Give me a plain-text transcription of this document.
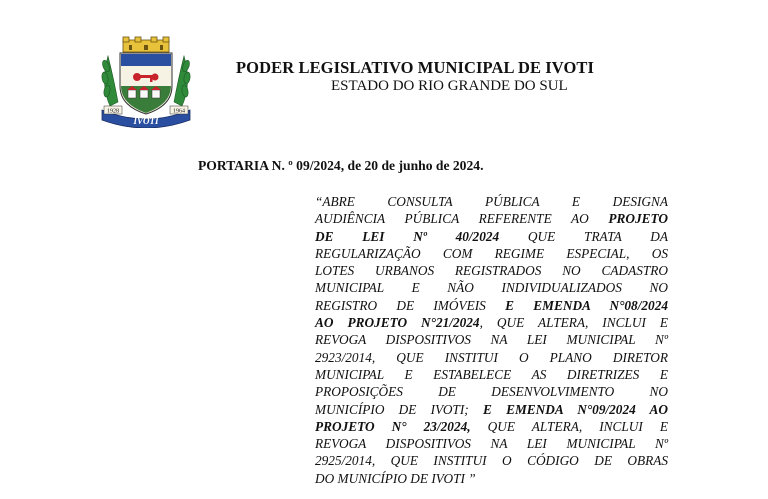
1928	1964
IVOTI
PODER LEGISLATIVO MUNICIPAL DE IVOTI
ESTADO DO RIO GRANDE DO SUL
PORTARIA N. º 09/2024, de 20 de junho de 2024.
“ABRE CONSULTA PÚBLICA E DESIGNA
AUDIÊNCIA PÚBLICA REFERENTE AO PROJETO
DE LEI Nº 40/2024 QUE TRATA DA
REGULARIZAÇÃO COM REGIME ESPECIAL, OS
LOTES URBANOS REGISTRADOS NO CADASTRO
MUNICIPAL E NÃO INDIVIDUALIZADOS NO
REGISTRO DE IMÓVEIS E EMENDA N°08/2024
AO PROJETO N°21/2024, QUE ALTERA, INCLUI E
REVOGA DISPOSITIVOS NA LEI MUNICIPAL Nº
2923/2014, QUE INSTITUI O PLANO DIRETOR
MUNICIPAL E ESTABELECE AS DIRETRIZES E
PROPOSIÇÕES DE DESENVOLVIMENTO NO
MUNICÍPIO DE IVOTI; E EMENDA N°09/2024 AO
PROJETO N° 23/2024, QUE ALTERA, INCLUI E
REVOGA DISPOSITIVOS NA LEI MUNICIPAL Nº
2925/2014, QUE INSTITUI O CÓDIGO DE OBRAS
DO MUNICÍPIO DE IVOTI ”
